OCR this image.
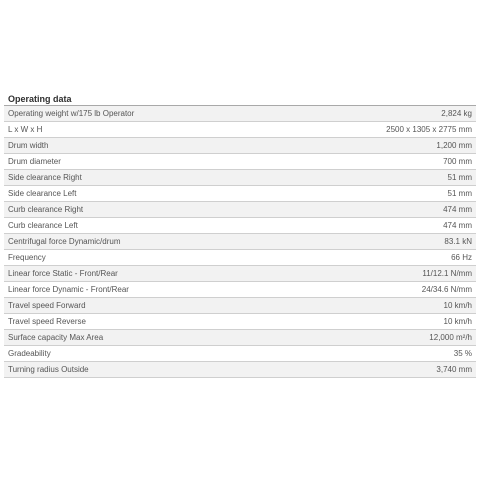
Operating data
Operating weight w/175 lb Operator	2,824 kg
L x W x H	2500 x 1305 x 2775 mm
Drum width	1,200 mm
Drum diameter	700 mm
Side clearance Right	51 mm
Side clearance Left	51 mm
Curb clearance Right	474 mm
Curb clearance Left	474 mm
Centrifugal force Dynamic/drum	83.1 kN
Frequency	66 Hz
Linear force Static - Front/Rear	11/12.1 N/mm
Linear force Dynamic - Front/Rear	24/34.6 N/mm
Travel speed Forward	10 km/h
Travel speed Reverse	10 km/h
Surface capacity Max Area	12,000 m²/h
Gradeability	35 %
Turning radius Outside	3,740 mm
